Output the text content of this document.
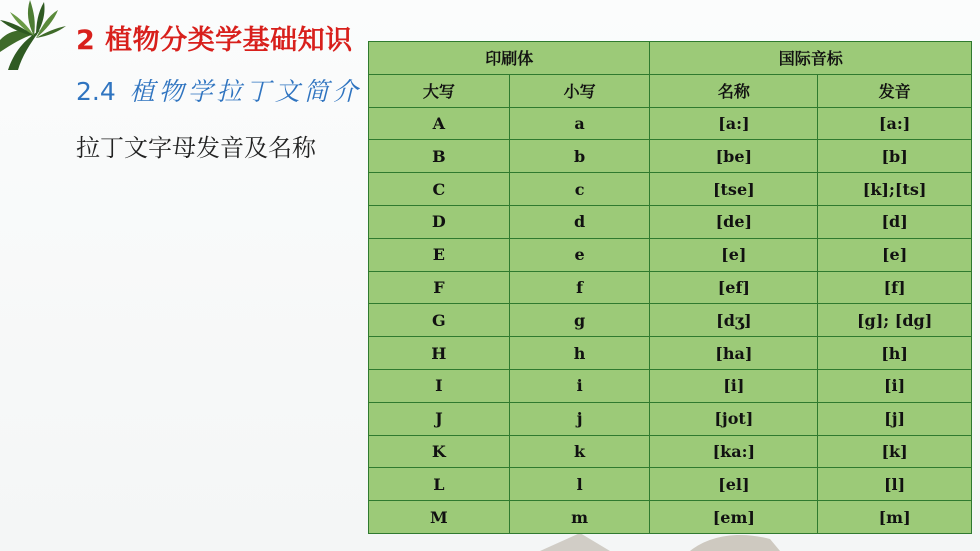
2 植物分类学基础知识
2.4 植物学拉丁文简介
拉丁文字母发音及名称
印刷体		国际音标	
大写	小写	名称	发音
A	a	[a:]	[a:]
B	b	[be]	[b]
C	c	[tse]	[k];[ts]
D	d	[de]	[d]
E	e	[e]	[e]
F	f	[ef]	[f]
G	g	[dʒ]	[g]; [dg]
H	h	[ha]	[h]
I	i	[i]	[i]
J	j	[jot]	[j]
K	k	[ka:]	[k]
L	l	[el]	[l]
M	m	[em]	[m]
